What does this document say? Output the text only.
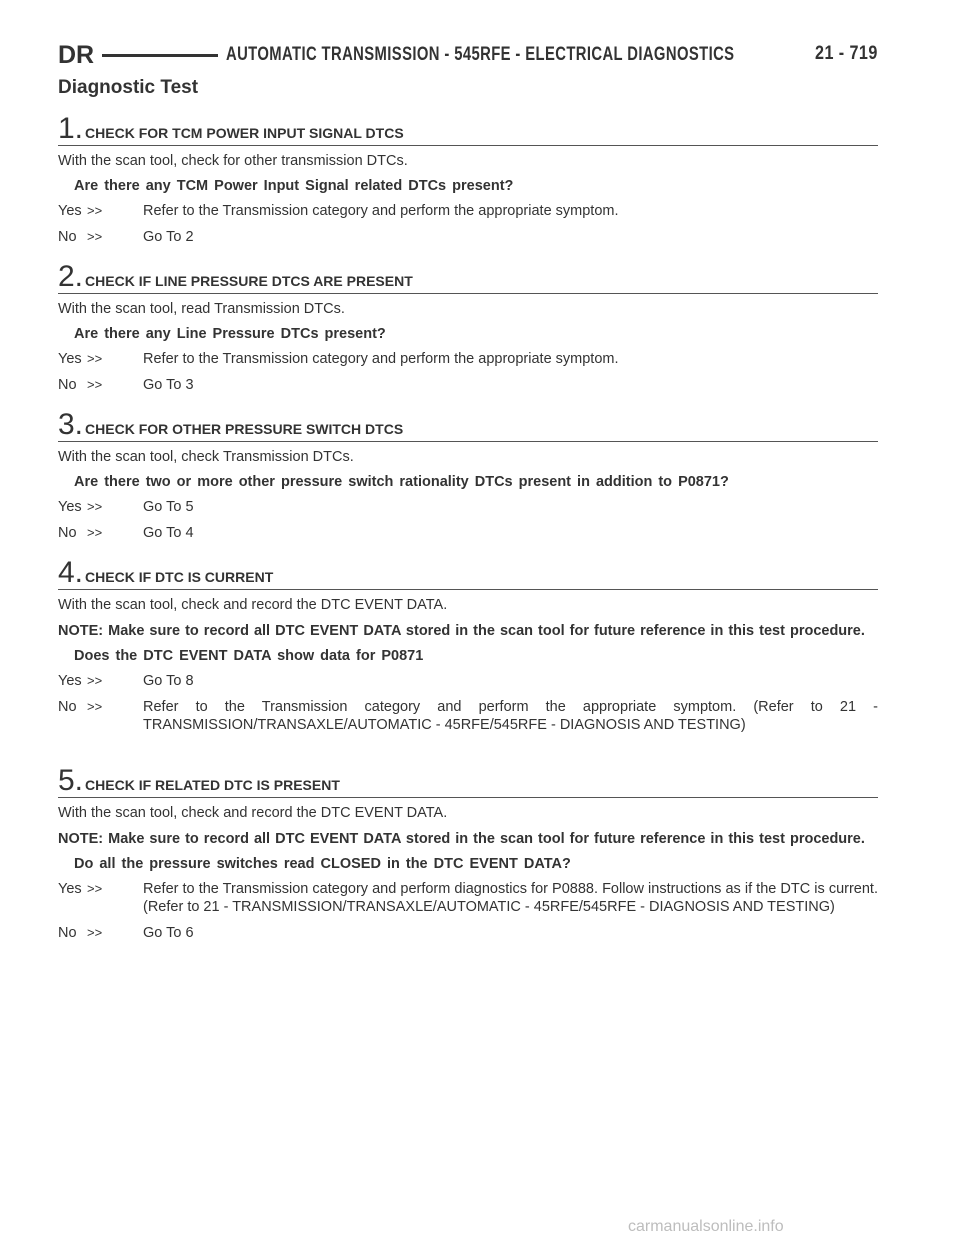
DR	AUTOMATIC TRANSMISSION - 545RFE - ELECTRICAL DIAGNOSTICS	21 - 719
Diagnostic Test
1. CHECK FOR TCM POWER INPUT SIGNAL DTCS
With the scan tool, check for other transmission DTCs.
Are there any TCM Power Input Signal related DTCs present?
Yes >>	Refer to the Transmission category and perform the appropriate symptom.
No >>	Go To 2
2. CHECK IF LINE PRESSURE DTCS ARE PRESENT
With the scan tool, read Transmission DTCs.
Are there any Line Pressure DTCs present?
Yes >>	Refer to the Transmission category and perform the appropriate symptom.
No >>	Go To 3
3. CHECK FOR OTHER PRESSURE SWITCH DTCS
With the scan tool, check Transmission DTCs.
Are there two or more other pressure switch rationality DTCs present in addition to P0871?
Yes >>	Go To 5
No >>	Go To 4
4. CHECK IF DTC IS CURRENT
With the scan tool, check and record the DTC EVENT DATA.
NOTE: Make sure to record all DTC EVENT DATA stored in the scan tool for future reference in this test procedure.
Does the DTC EVENT DATA show data for P0871
Yes >>	Go To 8
No >>	Refer to the Transmission category and perform the appropriate symptom. (Refer to 21 - TRANSMISSION/TRANSAXLE/AUTOMATIC - 45RFE/545RFE - DIAGNOSIS AND TESTING)
5. CHECK IF RELATED DTC IS PRESENT
With the scan tool, check and record the DTC EVENT DATA.
NOTE: Make sure to record all DTC EVENT DATA stored in the scan tool for future reference in this test procedure.
Do all the pressure switches read CLOSED in the DTC EVENT DATA?
Yes >>	Refer to the Transmission category and perform diagnostics for P0888. Follow instructions as if the DTC is current. (Refer to 21 - TRANSMISSION/TRANSAXLE/AUTOMATIC - 45RFE/545RFE - DIAGNOSIS AND TESTING)
No >>	Go To 6
carmanualsonline.info
